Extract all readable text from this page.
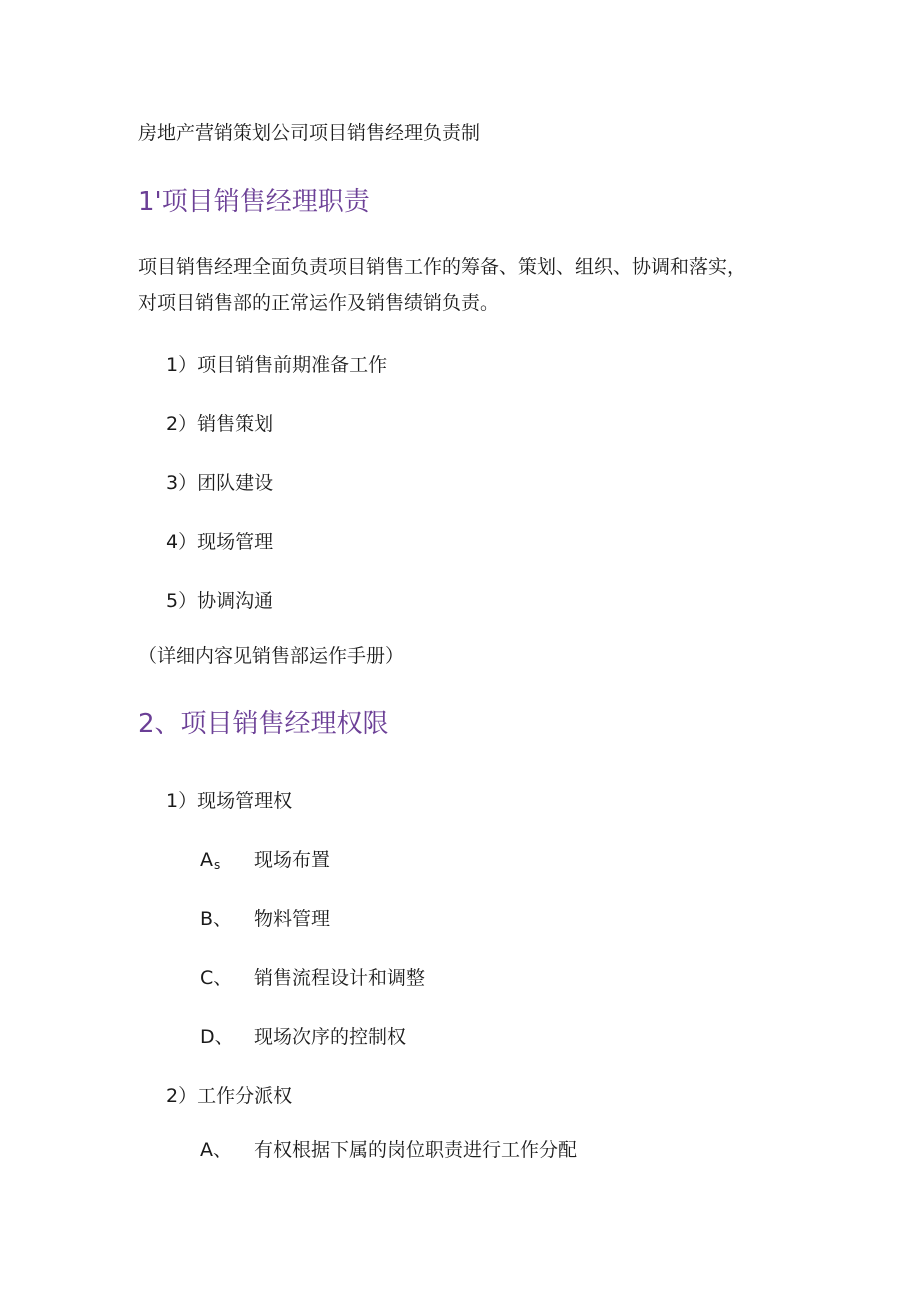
房地产营销策划公司项目销售经理负责制
1'项目销售经理职责
项目销售经理全面负责项目销售工作的筹备、策划、组织、协调和落实，
对项目销售部的正常运作及销售绩销负责。
1）项目销售前期准备工作
2）销售策划
3）团队建设
4）现场管理
5）协调沟通
（详细内容见销售部运作手册）
2、项目销售经理权限
1）现场管理权
As	现场布置
B、	物料管理
C、	销售流程设计和调整
D、	现场次序的控制权
2）工作分派权
A、	有权根据下属的岗位职责进行工作分配
